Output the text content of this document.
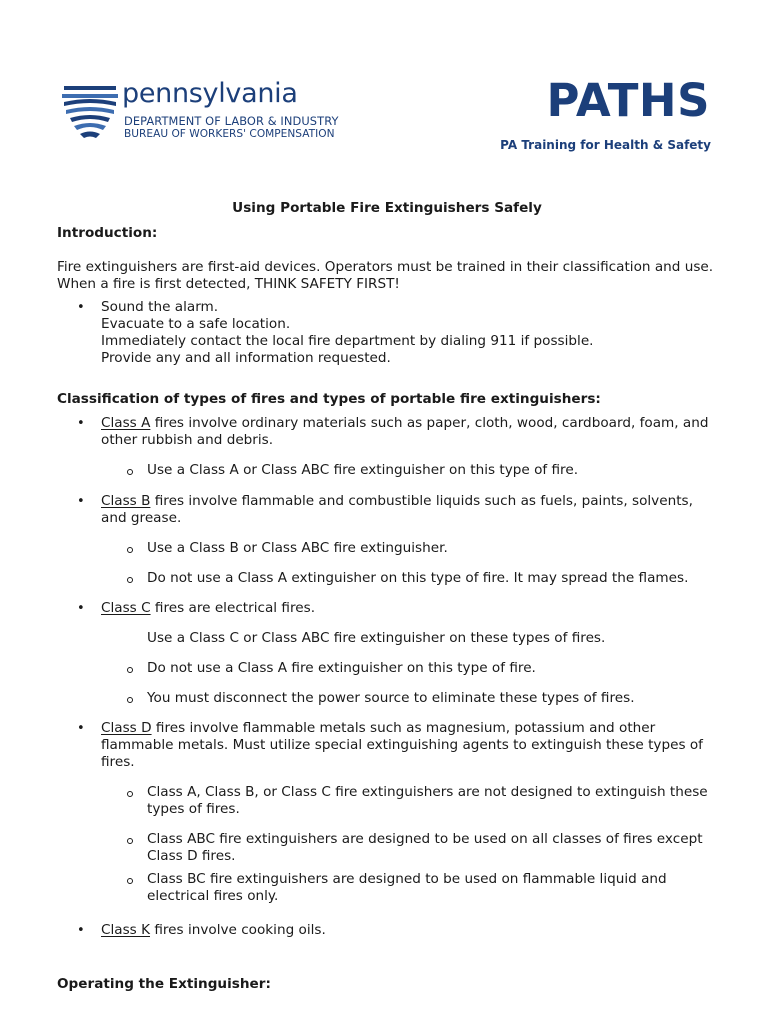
pennsylvania
DEPARTMENT OF LABOR & INDUSTRY
BUREAU OF WORKERS' COMPENSATION
PATHS
PA Training for Health & Safety

Using Portable Fire Extinguishers Safely

Introduction:

Fire extinguishers are first-aid devices. Operators must be trained in their classification and use. When a fire is first detected, THINK SAFETY FIRST!

• Sound the alarm.
Evacuate to a safe location.
Immediately contact the local fire department by dialing 911 if possible.
Provide any and all information requested.

Classification of types of fires and types of portable fire extinguishers:

• Class A fires involve ordinary materials such as paper, cloth, wood, cardboard, foam, and other rubbish and debris.
Use a Class A or Class ABC fire extinguisher on this type of fire.
• Class B fires involve flammable and combustible liquids such as fuels, paints, solvents, and grease.
Use a Class B or Class ABC fire extinguisher.
Do not use a Class A extinguisher on this type of fire. It may spread the flames.
• Class C fires are electrical fires.
Use a Class C or Class ABC fire extinguisher on these types of fires.
Do not use a Class A fire extinguisher on this type of fire.
You must disconnect the power source to eliminate these types of fires.
• Class D fires involve flammable metals such as magnesium, potassium and other flammable metals. Must utilize special extinguishing agents to extinguish these types of fires.
Class A, Class B, or Class C fire extinguishers are not designed to extinguish these types of fires.
Class ABC fire extinguishers are designed to be used on all classes of fires except Class D fires.
Class BC fire extinguishers are designed to be used on flammable liquid and electrical fires only.
• Class K fires involve cooking oils.

Operating the Extinguisher:
